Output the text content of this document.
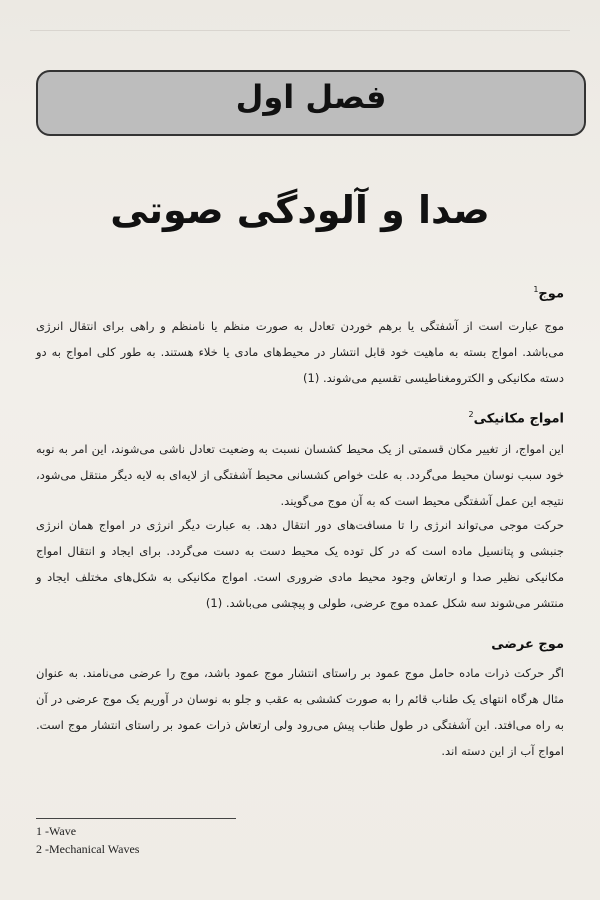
فصل اول
صدا و آلودگی صوتی
موج$^1$

موج عبارت است از آشفتگی یا برهم خوردن تعادل به صورت منظم یا نامنظم و راهی برای انتقال انرژی می‌باشد. امواج بسته به ماهیت خود قابل انتشار در محیط‌های مادی یا خلاء هستند. به طور کلی امواج به دو دسته مکانیکی و الکترومغناطیسی تقسیم می‌شوند. (1)

امواج مکانیکی$^2$

این امواج، از تغییر مکان قسمتی از یک محیط کشسان نسبت به وضعیت تعادل ناشی می‌شوند، این امر به نوبه خود سبب نوسان محیط می‌گردد. به علت خواص کشسانی محیط آشفتگی از لایه‌ای به لایه دیگر منتقل می‌شود، نتیجه این عمل آشفتگی محیط است که به آن موج می‌گویند.

حرکت موجی می‌تواند انرژی را تا مسافت‌های دور انتقال دهد. به عبارت دیگر انرژی در امواج همان انرژی جنبشی و پتانسیل ماده است که در کل توده یک محیط دست به دست می‌گردد. برای ایجاد و انتقال امواج مکانیکی نظیر صدا و ارتعاش وجود محیط مادی ضروری است. امواج مکانیکی به شکل‌های مختلف ایجاد و منتشر می‌شوند سه شکل عمده موج عرضی، طولی و پیچشی می‌باشد. (1)

موج عرضی

اگر حرکت ذرات ماده حامل موج عمود بر راستای انتشار موج عمود باشد، موج را عرضی می‌نامند. به عنوان مثال هرگاه انتهای یک طناب قائم را به صورت کششی به عقب و جلو به نوسان در آوریم یک موج عرضی در آن به راه می‌افتد. این آشفتگی در طول طناب پیش می‌رود ولی ارتعاش ذرات عمود بر راستای انتشار موج است. امواج آب از این دسته اند.

1 -Wave
2 -Mechanical Waves
